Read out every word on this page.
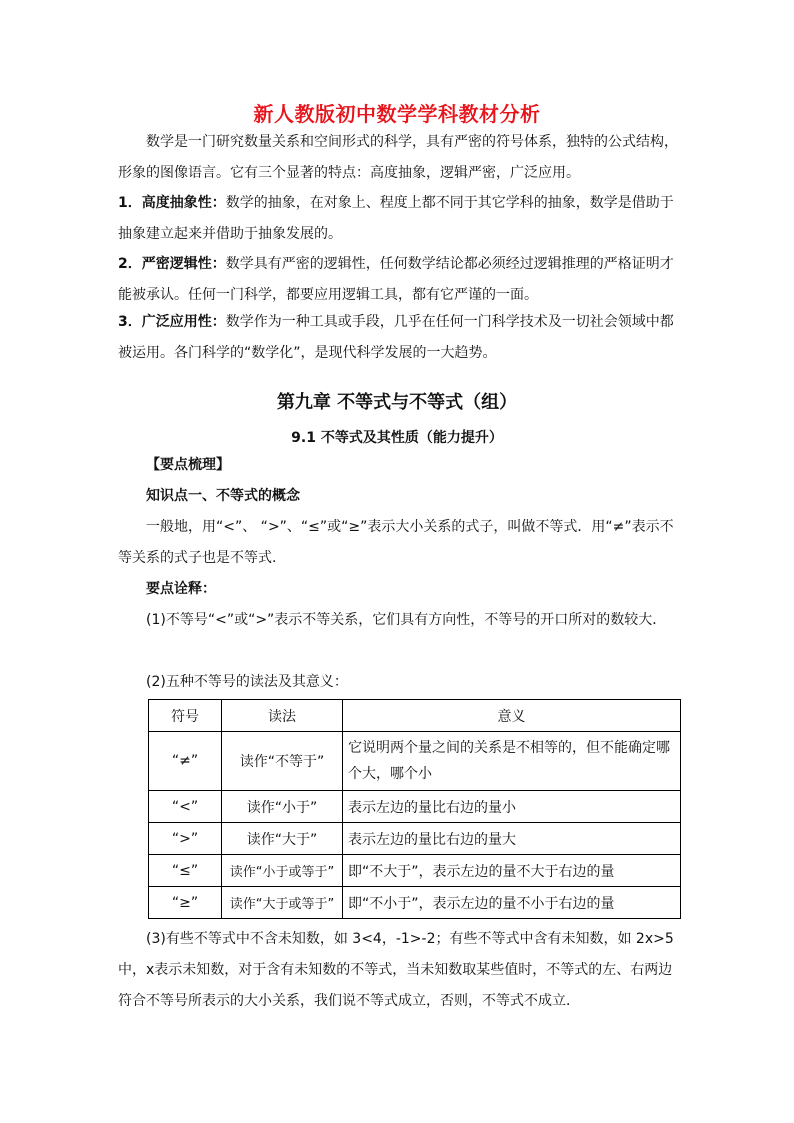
新人教版初中数学学科教材分析
数学是一门研究数量关系和空间形式的科学，具有严密的符号体系，独特的公式结构，形象的图像语言。它有三个显著的特点：高度抽象，逻辑严密，广泛应用。
1．高度抽象性：数学的抽象，在对象上、程度上都不同于其它学科的抽象，数学是借助于抽象建立起来并借助于抽象发展的。
2．严密逻辑性：数学具有严密的逻辑性，任何数学结论都必须经过逻辑推理的严格证明才能被承认。任何一门科学，都要应用逻辑工具，都有它严谨的一面。
3．广泛应用性：数学作为一种工具或手段，几乎在任何一门科学技术及一切社会领域中都被运用。各门科学的“数学化”，是现代科学发展的一大趋势。
第九章 不等式与不等式（组）
9.1 不等式及其性质（能力提升）
【要点梳理】
知识点一、不等式的概念
一般地，用“<”、 “>”、“≤”或“≥”表示大小关系的式子，叫做不等式．用“≠”表示不等关系的式子也是不等式.
要点诠释：
(1)不等号“<”或“>”表示不等关系，它们具有方向性，不等号的开口所对的数较大．
(2)五种不等号的读法及其意义：
符号	读法	意义
“≠”	读作“不等于”	它说明两个量之间的关系是不相等的，但不能确定哪个大，哪个小
“<”	读作“小于”	表示左边的量比右边的量小
“>”	读作“大于”	表示左边的量比右边的量大
“≤”	读作“小于或等于”	即“不大于”，表示左边的量不大于右边的量
“≥”	读作“大于或等于”	即“不小于”，表示左边的量不小于右边的量
(3)有些不等式中不含未知数，如 3<4，-1>-2；有些不等式中含有未知数，如 2x>5中，x表示未知数，对于含有未知数的不等式，当未知数取某些值时，不等式的左、右两边符合不等号所表示的大小关系，我们说不等式成立，否则，不等式不成立．
